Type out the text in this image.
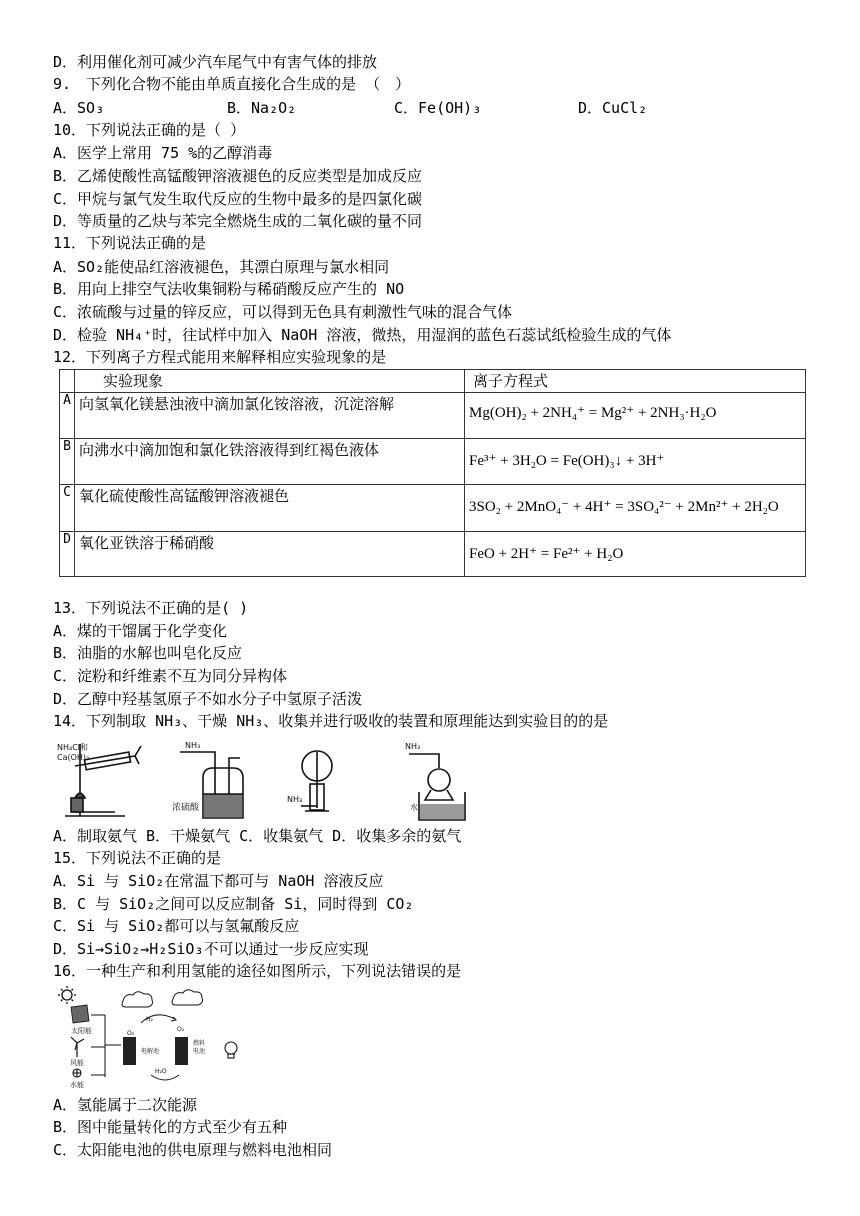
D．利用催化剂可减少汽车尾气中有害气体的排放
9.　下列化合物不能由单质直接化合生成的是 （　）
A．SO₃	B．Na₂O₂	C．Fe(OH)₃	D．CuCl₂
10．下列说法正确的是（ ）
A．医学上常用 75 %的乙醇消毒
B．乙烯使酸性高锰酸钾溶液褪色的反应类型是加成反应
C．甲烷与氯气发生取代反应的生物中最多的是四氯化碳
D．等质量的乙炔与苯完全燃烧生成的二氧化碳的量不同
11．下列说法正确的是
A．SO₂能使品红溶液褪色，其漂白原理与氯水相同
B．用向上排空气法收集铜粉与稀硝酸反应产生的 NO
C．浓硫酸与过量的锌反应，可以得到无色具有刺激性气味的混合气体
D．检验 NH₄⁺时，往试样中加入 NaOH 溶液，微热，用湿润的蓝色石蕊试纸检验生成的气体
12．下列离子方程式能用来解释相应实验现象的是
	实验现象	离子方程式
A	向氢氧化镁悬浊液中滴加氯化铵溶液，沉淀溶解	Mg(OH)₂ + 2NH₄⁺ = Mg²⁺ + 2NH₃·H₂O

B	向沸水中滴加饱和氯化铁溶液得到红褐色液体	Fe³⁺ + 3H₂O = Fe(OH)₃↓ + 3H⁺

C	氧化硫使酸性高锰酸钾溶液褪色	3SO₂ + 2MnO₄⁻ + 4H⁺ = 3SO₄²⁻ + 2Mn²⁺ + 2H₂O

D	氧化亚铁溶于稀硝酸	FeO + 2H⁺ = Fe²⁺ + H₂O
13．下列说法不正确的是( )
A．煤的干馏属于化学变化
B．油脂的水解也叫皂化反应
C．淀粉和纤维素不互为同分异构体
D．乙醇中羟基氢原子不如水分子中氢原子活泼
14．下列制取 NH₃、干燥 NH₃、收集并进行吸收的装置和原理能达到实验目的的是
NH₄Cl和
Ca(OH)₂
NH₃
浓硫酸
NH₃
NH₃
水
A．制取氨气 B．干燥氨气 C．收集氨气 D．收集多余的氨气
15．下列说法不正确的是
A．Si 与 SiO₂在常温下都可与 NaOH 溶液反应
B．C 与 SiO₂之间可以反应制备 Si，同时得到 CO₂
C．Si 与 SiO₂都可以与氢氟酸反应
D．Si→SiO₂→H₂SiO₃不可以通过一步反应实现
16．一种生产和利用氢能的途径如图所示，下列说法错误的是
太阳能
风能
水能
O₂
H₂
O₂
H₂O
电解池
燃料
电池
A．氢能属于二次能源
B．图中能量转化的方式至少有五种
C．太阳能电池的供电原理与燃料电池相同
